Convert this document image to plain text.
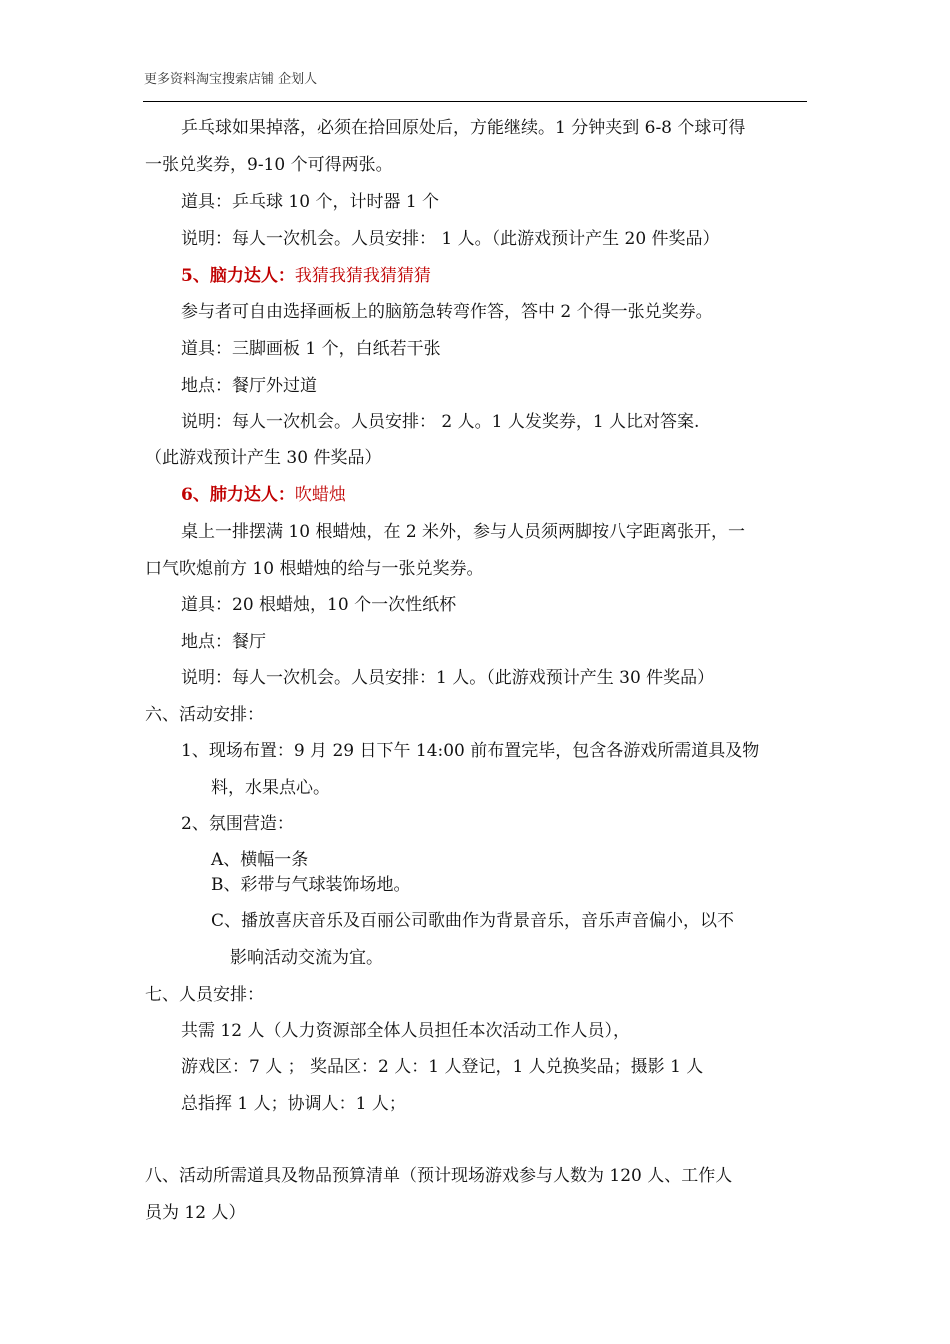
更多资料淘宝搜索店铺 企划人
乒乓球如果掉落，必须在拾回原处后，方能继续。1 分钟夹到 6-8 个球可得
一张兑奖券，9-10 个可得两张。
道具：乒乓球 10 个，计时器 1 个
说明：每人一次机会。人员安排： 1 人。（此游戏预计产生 20 件奖品）
5、脑力达人：我猜我猜我猜猜猜
参与者可自由选择画板上的脑筋急转弯作答，答中 2 个得一张兑奖券。
道具：三脚画板 1 个，白纸若干张
地点：餐厅外过道
说明：每人一次机会。人员安排： 2 人。1 人发奖券，1 人比对答案.
（此游戏预计产生 30 件奖品）
6、肺力达人：吹蜡烛
桌上一排摆满 10 根蜡烛，在 2 米外，参与人员须两脚按八字距离张开，一
口气吹熄前方 10 根蜡烛的给与一张兑奖券。
道具：20 根蜡烛，10 个一次性纸杯
地点：餐厅
说明：每人一次机会。人员安排：1 人。（此游戏预计产生 30 件奖品）
六、活动安排：
1、现场布置：9 月 29 日下午 14:00 前布置完毕，包含各游戏所需道具及物
料，水果点心。
2、氛围营造：
A、横幅一条
B、彩带与气球装饰场地。
C、播放喜庆音乐及百丽公司歌曲作为背景音乐，音乐声音偏小，以不
影响活动交流为宜。
七、人员安排：
共需 12 人（人力资源部全体人员担任本次活动工作人员），
游戏区：7 人 ； 奖品区：2 人：1 人登记，1 人兑换奖品；摄影 1 人
总指挥 1 人；协调人：1 人；
八、活动所需道具及物品预算清单（预计现场游戏参与人数为 120 人、工作人
员为 12 人）
